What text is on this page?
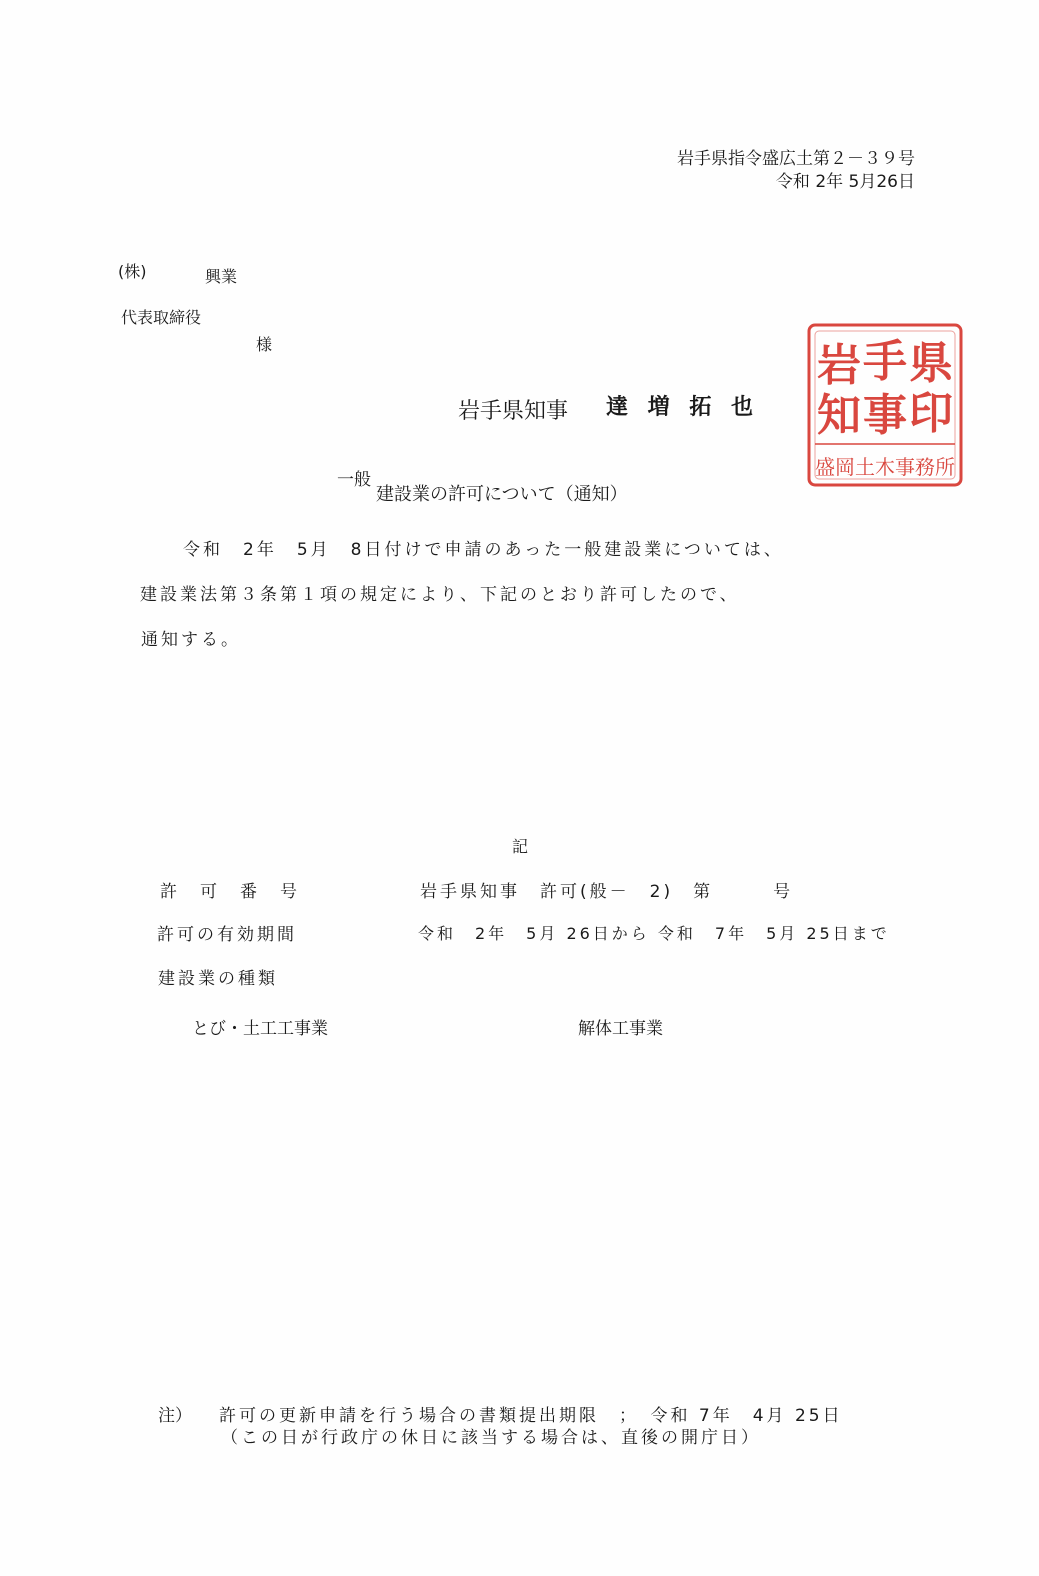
岩手県指令盛広土第２－３９号
令和 2年 5月26日
(株)	興業
代表取締役
様
岩手県知事 達 増 拓 也
岩 手 県
知 事 印
盛岡土木事務所
一般
建設業の許可について（通知）
令和　2年　5月　8日付けで申請のあった一般建設業については、
建設業法第３条第１項の規定により、下記のとおり許可したので、
通知する。
記
許　可　番　号	岩手県知事　許可(般－　2)　第　　　号
許可の有効期間	令和　2年　5月 26日から 令和　7年　5月 25日まで
建設業の種類
とび・土工工事業	解体工事業
注） 許可の更新申請を行う場合の書類提出期限　；　令和 7年　4月 25日
（この日が行政庁の休日に該当する場合は、直後の開庁日）
